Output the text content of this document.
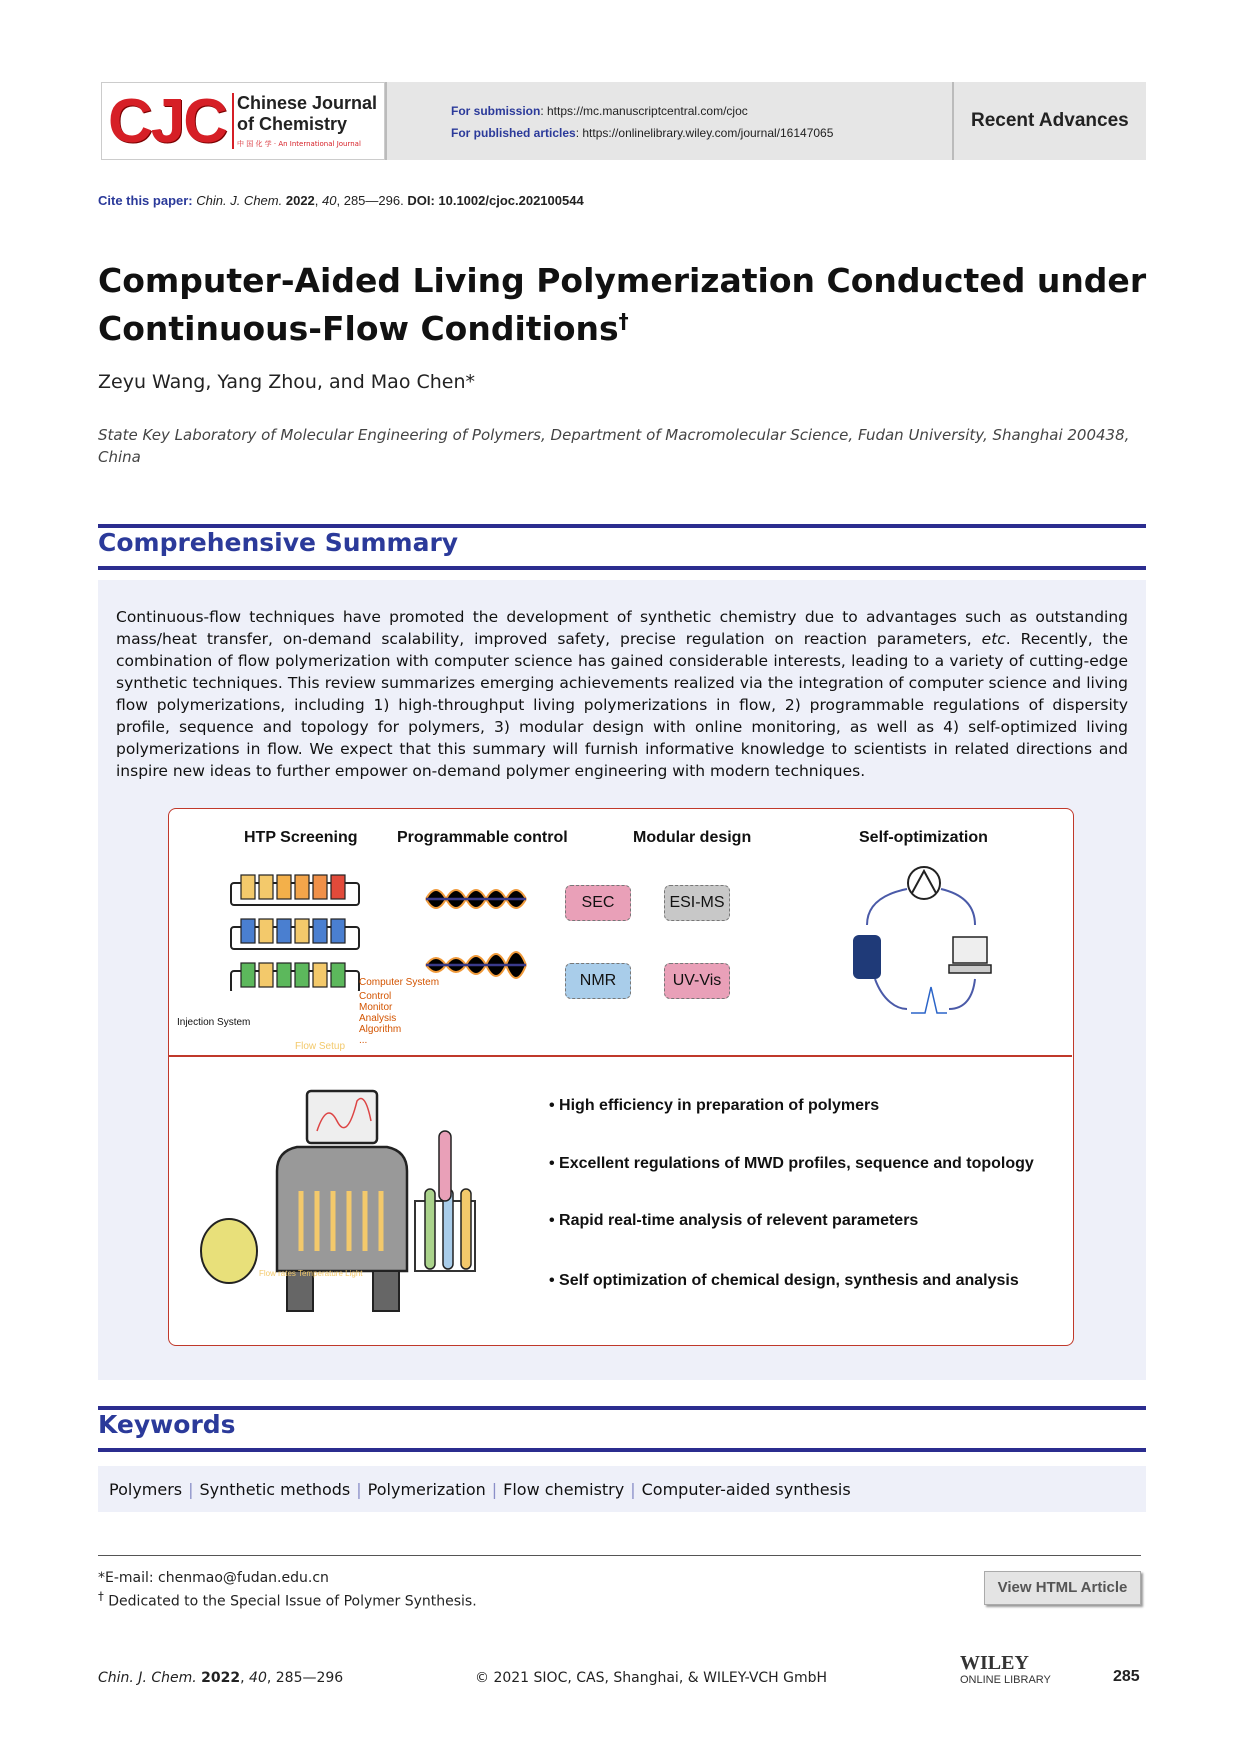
CJC Chinese Journal
of Chemistry
中 国 化 学 · An International Journal
For submission: https://mc.manuscriptcentral.com/cjoc
For published articles: https://onlinelibrary.wiley.com/journal/16147065
Recent Advances
Cite this paper: Chin. J. Chem. 2022, 40, 285—296. DOI: 10.1002/cjoc.202100544
Computer-Aided Living Polymerization Conducted under
Continuous-Flow Conditions†
Zeyu Wang, Yang Zhou, and Mao Chen*
State Key Laboratory of Molecular Engineering of Polymers, Department of Macromolecular Science, Fudan University, Shanghai 200438, China
Comprehensive Summary
Continuous-flow techniques have promoted the development of synthetic chemistry due to advantages such as outstanding mass/heat transfer, on-demand scalability, improved safety, precise regulation on reaction parameters, etc. Recently, the combination of flow polymerization with computer science has gained considerable interests, leading to a variety of cutting-edge synthetic techniques. This review summarizes emerging achievements realized via the integration of computer science and living flow polymerizations, including 1) high-throughput living polymerizations in flow, 2) programmable regulations of dispersity profile, sequence and topology for polymers, 3) modular design with online monitoring, as well as 4) self-optimized living polymerizations in flow. We expect that this summary will furnish informative knowledge to scientists in related directions and inspire new ideas to further empower on-demand polymer engineering with modern techniques.
HTP Screening Programmable control	Modular design	Self-optimization
SEC	ESI-MS
NMR	UV-Vis
Computer System
Control
Monitor
Analysis
Algorithm
...
Injection System
Flow Setup
Flow rates Temperature Light
• High efficiency in preparation of polymers
• Excellent regulations of MWD profiles, sequence and topology
• Rapid real-time analysis of relevent parameters
• Self optimization of chemical design, synthesis and analysis
Keywords
Polymers | Synthetic methods | Polymerization | Flow chemistry | Computer-aided synthesis
*E-mail: chenmao@fudan.edu.cn
† Dedicated to the Special Issue of Polymer Synthesis.
View HTML Article
Chin. J. Chem. 2022, 40, 285—296	© 2021 SIOC, CAS, Shanghai, & WILEY-VCH GmbH
WILEY
ONLINE LIBRARY	285
